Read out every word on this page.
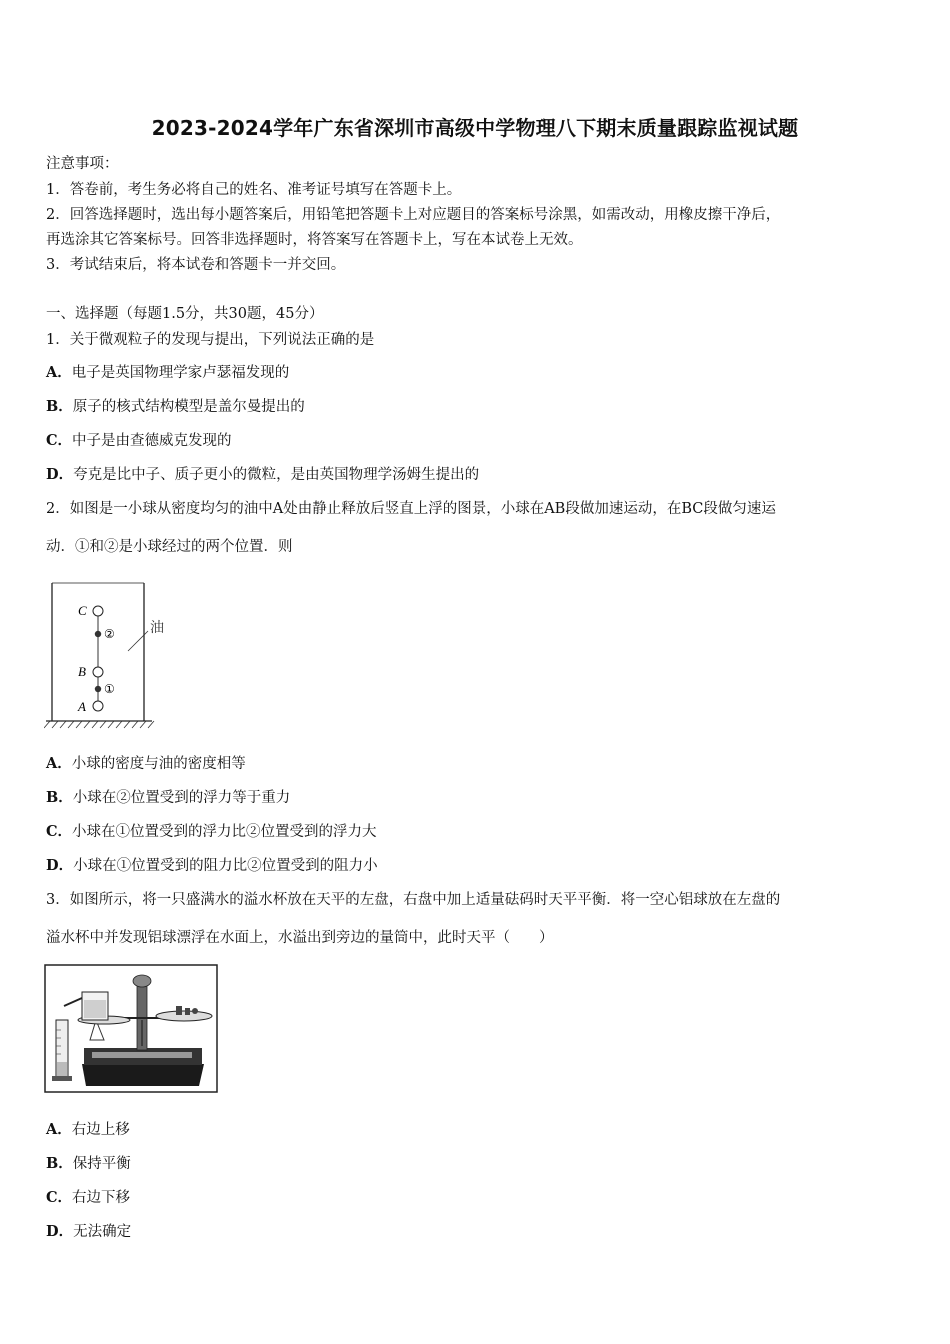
2023-2024学年广东省深圳市高级中学物理八下期末质量跟踪监视试题
注意事项：
1．答卷前，考生务必将自己的姓名、准考证号填写在答题卡上。
2．回答选择题时，选出每小题答案后，用铅笔把答题卡上对应题目的答案标号涂黑，如需改动，用橡皮擦干净后，
再选涂其它答案标号。回答非选择题时，将答案写在答题卡上，写在本试卷上无效。
3．考试结束后，将本试卷和答题卡一并交回。
一、选择题（每题1.5分，共30题，45分）
1．关于微观粒子的发现与提出，下列说法正确的是
A．电子是英国物理学家卢瑟福发现的
B．原子的核式结构模型是盖尔曼提出的
C．中子是由查德威克发现的
D．夸克是比中子、质子更小的微粒，是由英国物理学汤姆生提出的
2．如图是一小球从密度均匀的油中A处由静止释放后竖直上浮的图景，小球在AB段做加速运动，在BC段做匀速运
动．①和②是小球经过的两个位置．则
C
B
A
②
①
油
A．小球的密度与油的密度相等
B．小球在②位置受到的浮力等于重力
C．小球在①位置受到的浮力比②位置受到的浮力大
D．小球在①位置受到的阻力比②位置受到的阻力小
3．如图所示，将一只盛满水的溢水杯放在天平的左盘，右盘中加上适量砝码时天平平衡．将一空心铝球放在左盘的
溢水杯中并发现铝球漂浮在水面上，水溢出到旁边的量筒中，此时天平（　　）
A．右边上移
B．保持平衡
C．右边下移
D．无法确定
